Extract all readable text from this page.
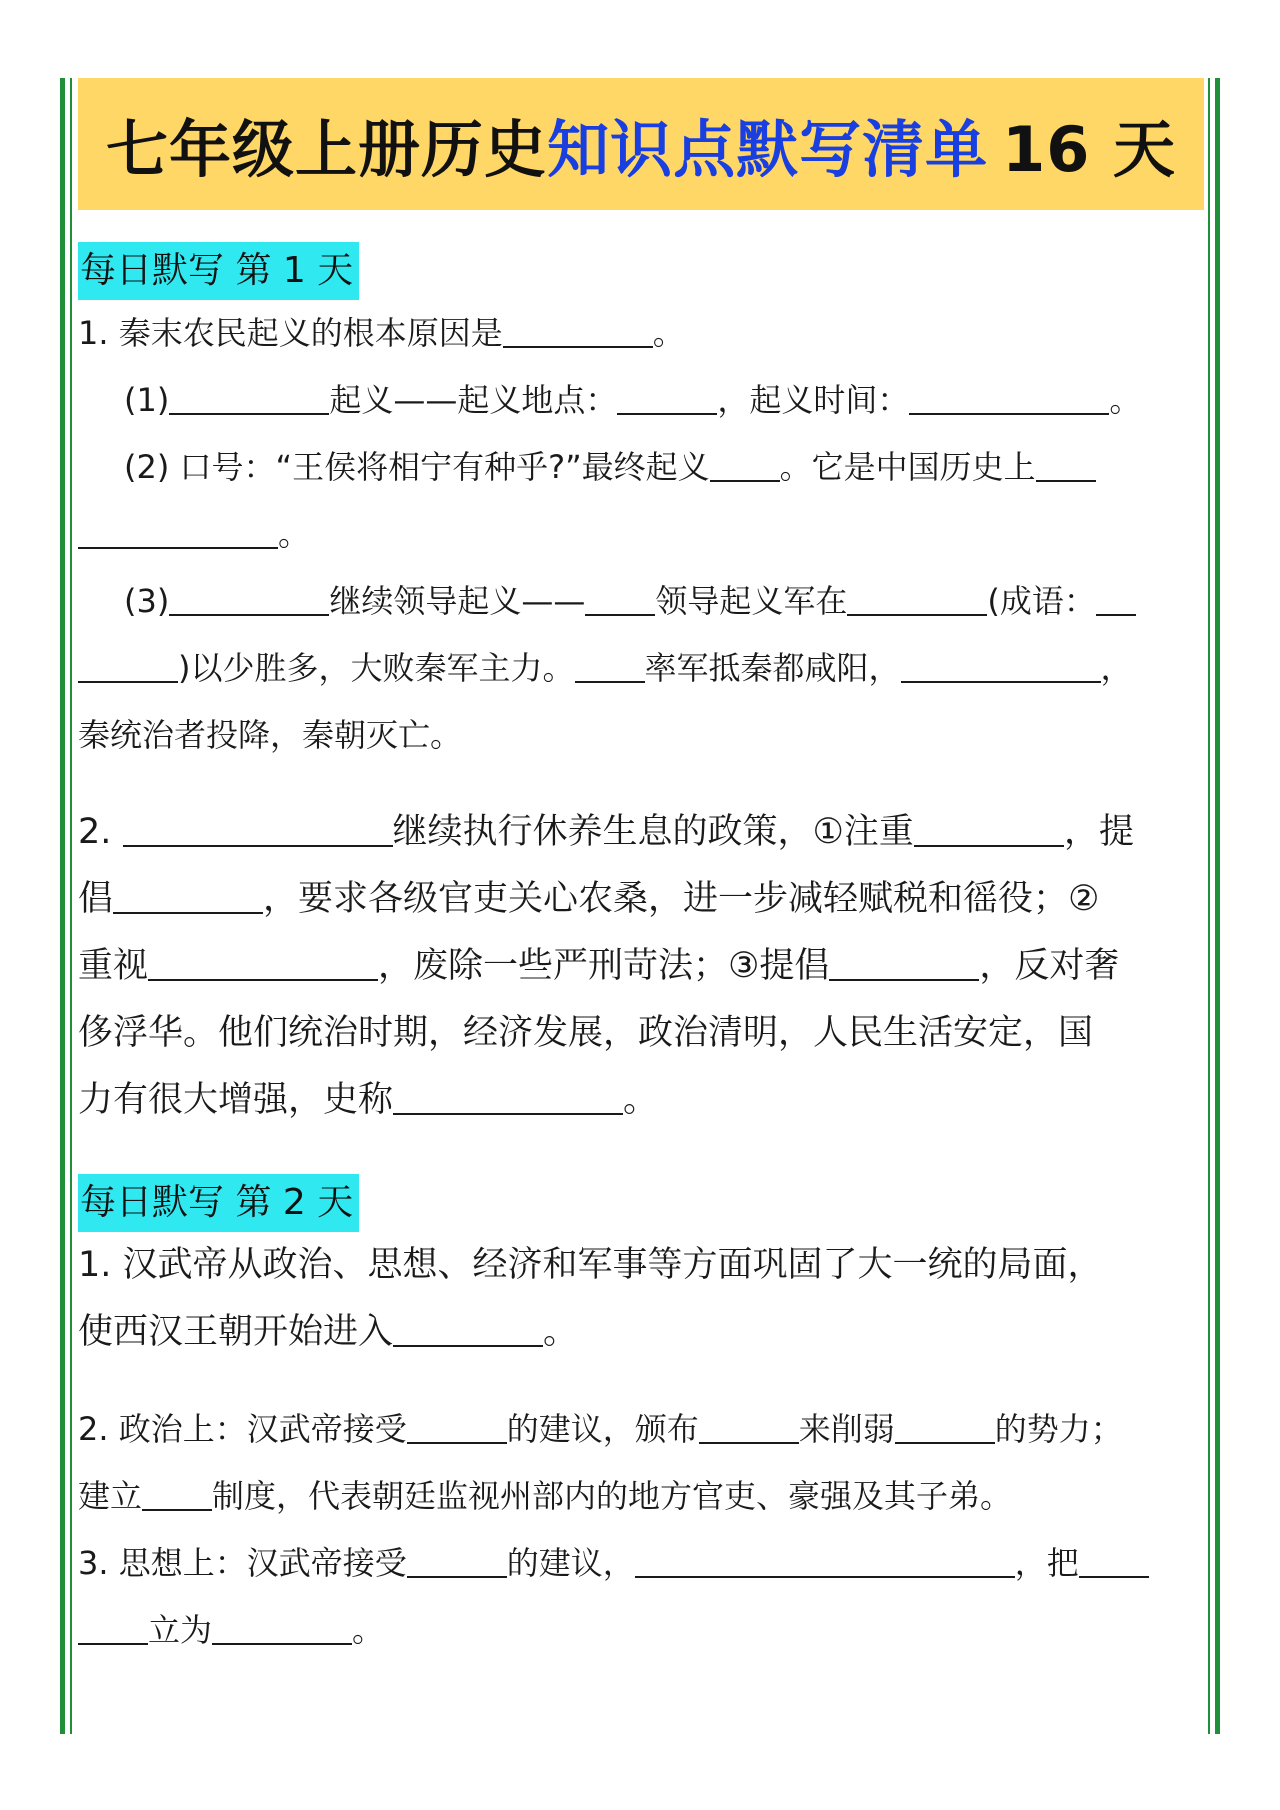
七年级上册历史 知识点默写清单 16 天
每日默写 第 1 天
1. 秦末农民起义的根本原因是	。
(1)	起义——起义地点：	，起义时间：	。
(2) 口号：“王侯将相宁有种乎?”最终起义 。它是中国历史上
。
(3)	继续领导起义—— 领导起义军在	(成语：
)以少胜多，大败秦军主力。 率军抵秦都咸阳，	，
秦统治者投降，秦朝灭亡。
2.	继续执行休养生息的政策，①注重	，提
倡	，要求各级官吏关心农桑，进一步减轻赋税和徭役；②
重视	，废除一些严刑苛法；③提倡	，反对奢
侈浮华。他们统治时期，经济发展，政治清明，人民生活安定，国
力有很大增强，史称	。
每日默写 第 2 天
1. 汉武帝从政治、思想、经济和军事等方面巩固了大一统的局面，
使西汉王朝开始进入	。
2. 政治上：汉武帝接受	的建议，颁布	来削弱	的势力；
建立 制度，代表朝廷监视州部内的地方官吏、豪强及其子弟。
3. 思想上：汉武帝接受	的建议，	，把
立为	。
